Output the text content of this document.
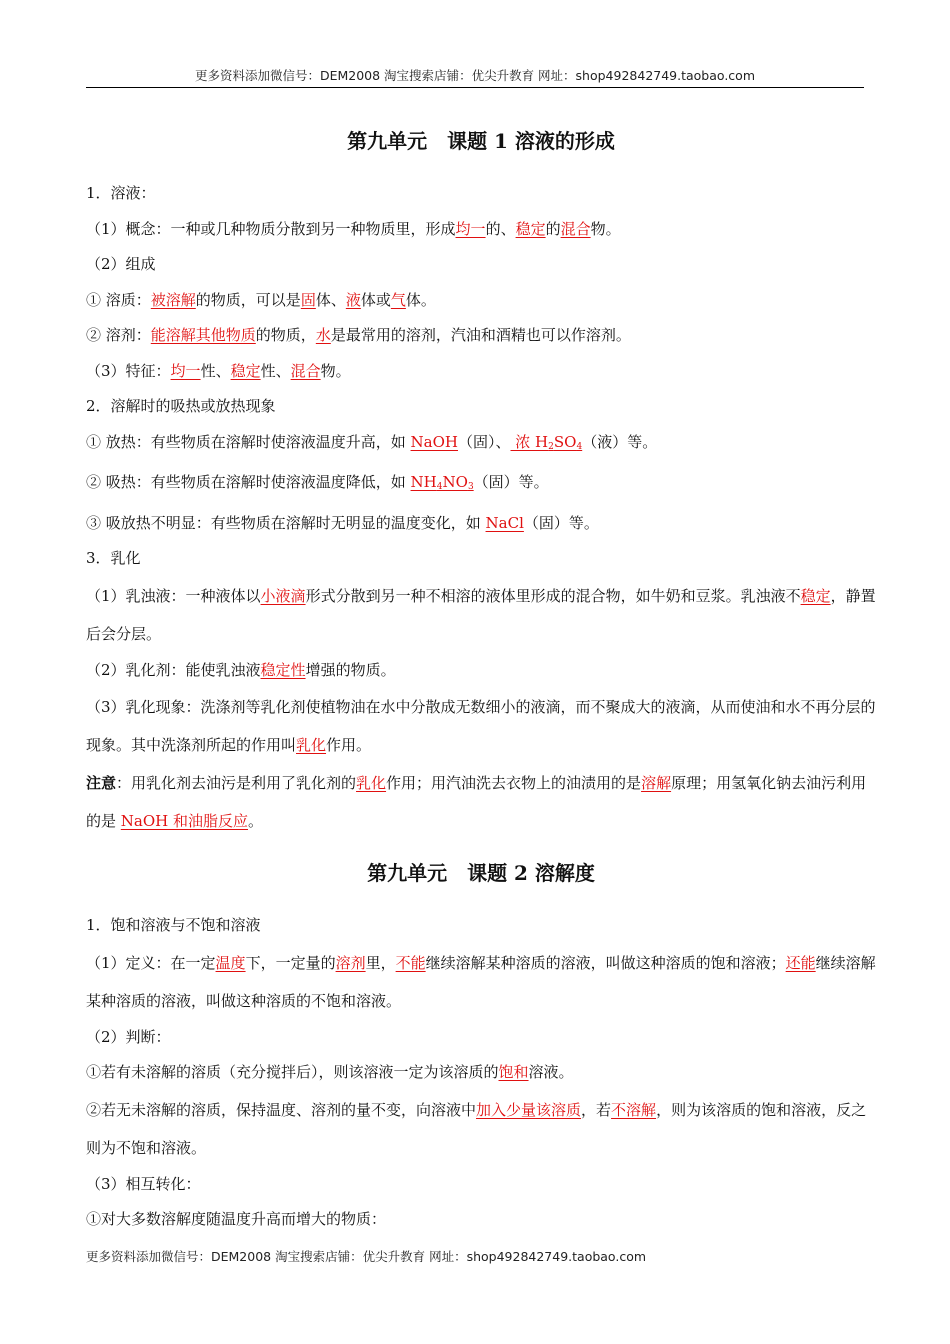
更多资料添加微信号：DEM2008 淘宝搜索店铺：优尖升教育 网址：shop492842749.taobao.com
第九单元　课题 1 溶液的形成

1．溶液：

（1）概念：一种或几种物质分散到另一种物质里，形成均一的、稳定的混合物。

（2）组成

① 溶质：被溶解的物质，可以是固体、液体或气体。

② 溶剂：能溶解其他物质的物质，水是最常用的溶剂，汽油和酒精也可以作溶剂。

（3）特征：均一性、稳定性、混合物。

2．溶解时的吸热或放热现象

① 放热：有些物质在溶解时使溶液温度升高，如 NaOH（固）、 浓 $H_2SO_4$（液）等。

② 吸热：有些物质在溶解时使溶液温度降低，如 $NH_4NO_3$（固）等。

③ 吸放热不明显：有些物质在溶解时无明显的温度变化，如 NaCl（固）等。

3．乳化

（1）乳浊液：一种液体以小液滴形式分散到另一种不相溶的液体里形成的混合物，如牛奶和豆浆。乳浊液不稳定，静置后会分层。

（2）乳化剂：能使乳浊液稳定性增强的物质。

（3）乳化现象：洗涤剂等乳化剂使植物油在水中分散成无数细小的液滴，而不聚成大的液滴，从而使油和水不再分层的现象。其中洗涤剂所起的作用叫乳化作用。

注意：用乳化剂去油污是利用了乳化剂的乳化作用；用汽油洗去衣物上的油渍用的是溶解原理；用氢氧化钠去油污利用的是 NaOH 和油脂反应。

第九单元　课题 2 溶解度

1．饱和溶液与不饱和溶液

（1）定义：在一定温度下，一定量的溶剂里，不能继续溶解某种溶质的溶液，叫做这种溶质的饱和溶液；还能继续溶解某种溶质的溶液，叫做这种溶质的不饱和溶液。

（2）判断：

①若有未溶解的溶质（充分搅拌后），则该溶液一定为该溶质的饱和溶液。

②若无未溶解的溶质，保持温度、溶剂的量不变，向溶液中加入少量该溶质，若不溶解，则为该溶质的饱和溶液，反之则为不饱和溶液。

（3）相互转化：

①对大多数溶解度随温度升高而增大的物质：

更多资料添加微信号：DEM2008 淘宝搜索店铺：优尖升教育 网址：shop492842749.taobao.com
